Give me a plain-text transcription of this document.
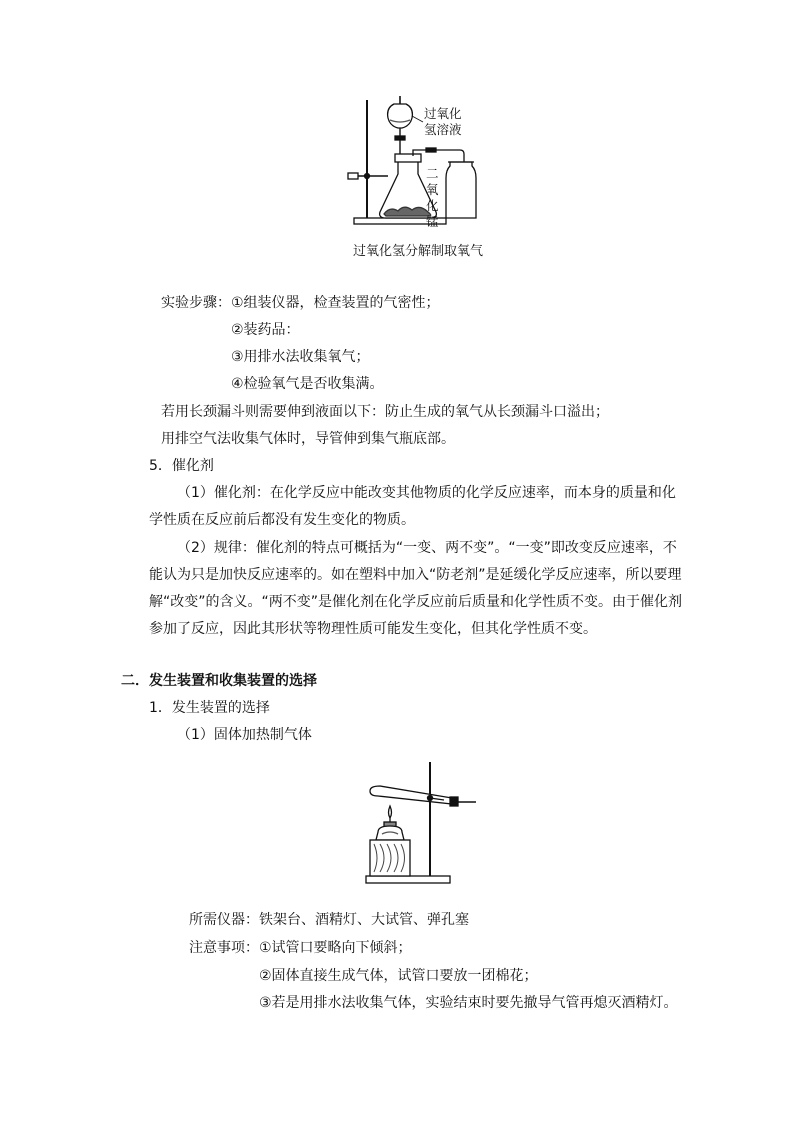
过氧化
氢溶液
二
氧
化
锰
过氧化氢分解制取氧气
实验步骤：①组装仪器，检查装置的气密性；
②装药品：
③用排水法收集氧气；
④检验氧气是否收集满。
若用长颈漏斗则需要伸到液面以下：防止生成的氧气从长颈漏斗口溢出；
用排空气法收集气体时，导管伸到集气瓶底部。
5．催化剂
（1）催化剂：在化学反应中能改变其他物质的化学反应速率，而本身的质量和化
学性质在反应前后都没有发生变化的物质。
（2）规律：催化剂的特点可概括为“一变、两不变”。“一变”即改变反应速率，不
能认为只是加快反应速率的。如在塑料中加入“防老剂”是延缓化学反应速率，所以要理
解“改变”的含义。“两不变”是催化剂在化学反应前后质量和化学性质不变。由于催化剂
参加了反应，因此其形状等物理性质可能发生变化，但其化学性质不变。
二．发生装置和收集装置的选择
1．发生装置的选择
（1）固体加热制气体
所需仪器：铁架台、酒精灯、大试管、弹孔塞
注意事项：①试管口要略向下倾斜；
②固体直接生成气体，试管口要放一团棉花；
③若是用排水法收集气体，实验结束时要先撤导气管再熄灭酒精灯。
